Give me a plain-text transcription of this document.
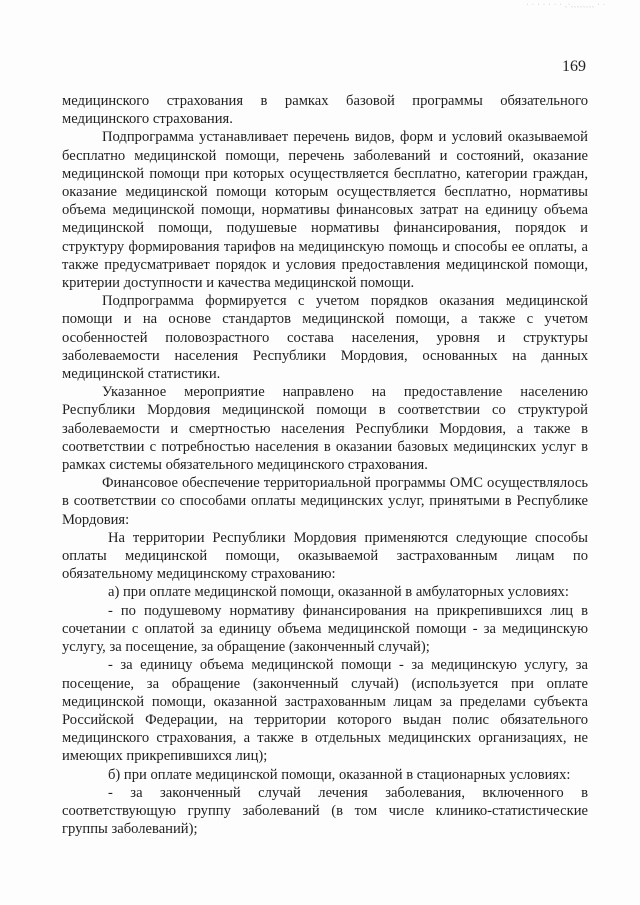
· · · · · · · ˏ·ˏˏˏˏˏˏˏˏ · ·
169

медицинского страхования в рамках базовой программы обязательного медицинского страхования.

Подпрограмма устанавливает перечень видов, форм и условий оказываемой бесплатно медицинской помощи, перечень заболеваний и состояний, оказание медицинской помощи при которых осуществляется бесплатно, категории граждан, оказание медицинской помощи которым осуществляется бесплатно, нормативы объема медицинской помощи, нормативы финансовых затрат на единицу объема медицинской помощи, подушевые нормативы финансирования, порядок и структуру формирования тарифов на медицинскую помощь и способы ее оплаты, а также предусматривает порядок и условия предоставления медицинской помощи, критерии доступности и качества медицинской помощи.

Подпрограмма формируется с учетом порядков оказания медицинской помощи и на основе стандартов медицинской помощи, а также с учетом особенностей половозрастного состава населения, уровня и структуры заболеваемости населения Республики Мордовия, основанных на данных медицинской статистики.

Указанное мероприятие направлено на предоставление населению Республики Мордовия медицинской помощи в соответствии со структурой заболеваемости и смертностью населения Республики Мордовия, а также в соответствии с потребностью населения в оказании базовых медицинских услуг в рамках системы обязательного медицинского страхования.

Финансовое обеспечение территориальной программы ОМС осуществлялось в соответствии со способами оплаты медицинских услуг, принятыми в Республике Мордовия:

На территории Республики Мордовия применяются следующие способы оплаты медицинской помощи, оказываемой застрахованным лицам по обязательному медицинскому страхованию:

а) при оплате медицинской помощи, оказанной в амбулаторных условиях:

- по подушевому нормативу финансирования на прикрепившихся лиц в сочетании с оплатой за единицу объема медицинской помощи - за медицинскую услугу, за посещение, за обращение (законченный случай);

- за единицу объема медицинской помощи - за медицинскую услугу, за посещение, за обращение (законченный случай) (используется при оплате медицинской помощи, оказанной застрахованным лицам за пределами субъекта Российской Федерации, на территории которого выдан полис обязательного медицинского страхования, а также в отдельных медицинских организациях, не имеющих прикрепившихся лиц);

б) при оплате медицинской помощи, оказанной в стационарных условиях:

- за законченный случай лечения заболевания, включенного в соответствующую группу заболеваний (в том числе клинико-статистические группы заболеваний);
